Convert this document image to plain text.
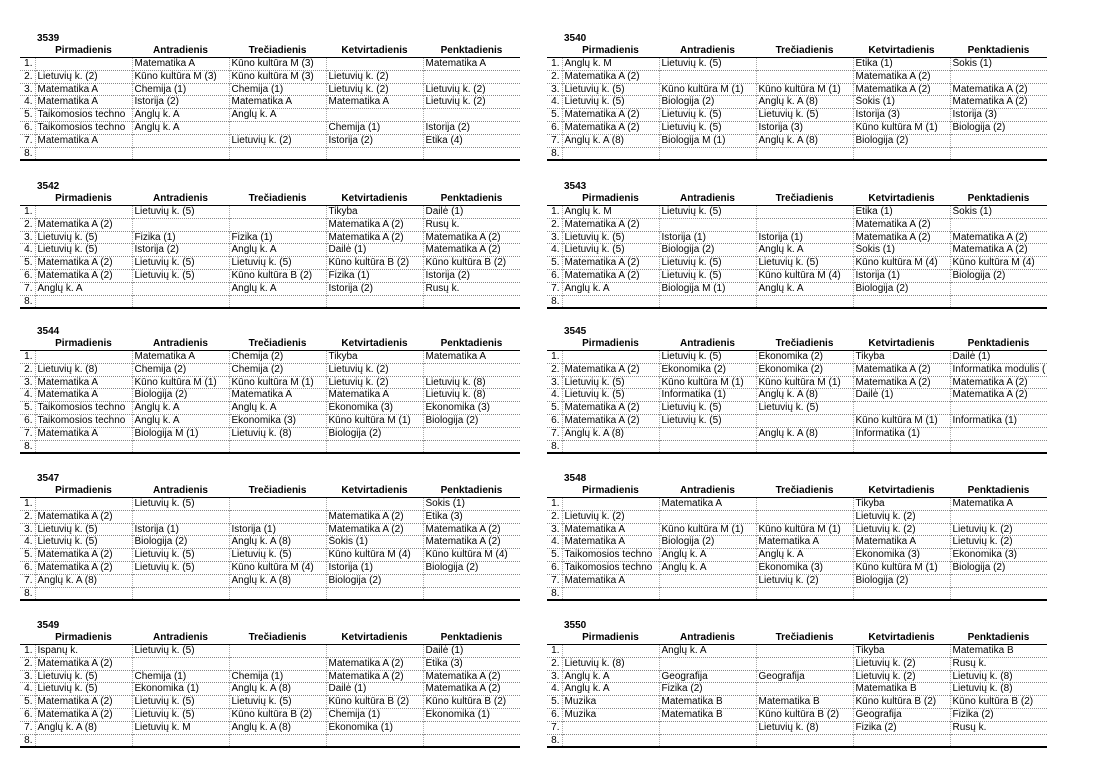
3539
	Pirmadienis	Antradienis	Trečiadienis	Ketvirtadienis	Penktadienis
1.		Matematika A	Kūno kultūra M (3)		Matematika A
2.	Lietuvių k. (2)	Kūno kultūra M (3)	Kūno kultūra M (3)	Lietuvių k. (2)	
3.	Matematika A	Chemija (1)	Chemija (1)	Lietuvių k. (2)	Lietuvių k. (2)
4.	Matematika A	Istorija (2)	Matematika A	Matematika A	Lietuvių k. (2)
5.	Taikomosios techno	Anglų k. A	Anglų k. A		
6.	Taikomosios techno	Anglų k. A		Chemija (1)	Istorija (2)
7.	Matematika A		Lietuvių k. (2)	Istorija (2)	Etika (4)
8.					
3540
	Pirmadienis	Antradienis	Trečiadienis	Ketvirtadienis	Penktadienis
1.	Anglų k. M	Lietuvių k. (5)		Etika (1)	Šokis (1)
2.	Matematika A (2)			Matematika A (2)	
3.	Lietuvių k. (5)	Kūno kultūra M (1)	Kūno kultūra M (1)	Matematika A (2)	Matematika A (2)
4.	Lietuvių k. (5)	Biologija (2)	Anglų k. A (8)	Šokis (1)	Matematika A (2)
5.	Matematika A (2)	Lietuvių k. (5)	Lietuvių k. (5)	Istorija (3)	Istorija (3)
6.	Matematika A (2)	Lietuvių k. (5)	Istorija (3)	Kūno kultūra M (1)	Biologija (2)
7.	Anglų k. A (8)	Biologija M (1)	Anglų k. A (8)	Biologija (2)	
8.					
3542
	Pirmadienis	Antradienis	Trečiadienis	Ketvirtadienis	Penktadienis
1.		Lietuvių k. (5)		Tikyba	Dailė (1)
2.	Matematika A (2)			Matematika A (2)	Rusų k.
3.	Lietuvių k. (5)	Fizika (1)	Fizika (1)	Matematika A (2)	Matematika A (2)
4.	Lietuvių k. (5)	Istorija (2)	Anglų k. A	Dailė (1)	Matematika A (2)
5.	Matematika A (2)	Lietuvių k. (5)	Lietuvių k. (5)	Kūno kultūra B (2)	Kūno kultūra B (2)
6.	Matematika A (2)	Lietuvių k. (5)	Kūno kultūra B (2)	Fizika (1)	Istorija (2)
7.	Anglų k. A		Anglų k. A	Istorija (2)	Rusų k.
8.					
3543
	Pirmadienis	Antradienis	Trečiadienis	Ketvirtadienis	Penktadienis
1.	Anglų k. M	Lietuvių k. (5)		Etika (1)	Šokis (1)
2.	Matematika A (2)			Matematika A (2)	
3.	Lietuvių k. (5)	Istorija (1)	Istorija (1)	Matematika A (2)	Matematika A (2)
4.	Lietuvių k. (5)	Biologija (2)	Anglų k. A	Šokis (1)	Matematika A (2)
5.	Matematika A (2)	Lietuvių k. (5)	Lietuvių k. (5)	Kūno kultūra M (4)	Kūno kultūra M (4)
6.	Matematika A (2)	Lietuvių k. (5)	Kūno kultūra M (4)	Istorija (1)	Biologija (2)
7.	Anglų k. A	Biologija M (1)	Anglų k. A	Biologija (2)	
8.					
3544
	Pirmadienis	Antradienis	Trečiadienis	Ketvirtadienis	Penktadienis
1.		Matematika A	Chemija (2)	Tikyba	Matematika A
2.	Lietuvių k. (8)	Chemija (2)	Chemija (2)	Lietuvių k. (2)	
3.	Matematika A	Kūno kultūra M (1)	Kūno kultūra M (1)	Lietuvių k. (2)	Lietuvių k. (8)
4.	Matematika A	Biologija (2)	Matematika A	Matematika A	Lietuvių k. (8)
5.	Taikomosios techno	Anglų k. A	Anglų k. A	Ekonomika (3)	Ekonomika (3)
6.	Taikomosios techno	Anglų k. A	Ekonomika (3)	Kūno kultūra M (1)	Biologija (2)
7.	Matematika A	Biologija M (1)	Lietuvių k. (8)	Biologija (2)	
8.					
3545
	Pirmadienis	Antradienis	Trečiadienis	Ketvirtadienis	Penktadienis
1.		Lietuvių k. (5)	Ekonomika (2)	Tikyba	Dailė (1)
2.	Matematika A (2)	Ekonomika (2)	Ekonomika (2)	Matematika A (2)	Informatika modulis (
3.	Lietuvių k. (5)	Kūno kultūra M (1)	Kūno kultūra M (1)	Matematika A (2)	Matematika A (2)
4.	Lietuvių k. (5)	Informatika (1)	Anglų k. A (8)	Dailė (1)	Matematika A (2)
5.	Matematika A (2)	Lietuvių k. (5)	Lietuvių k. (5)		
6.	Matematika A (2)	Lietuvių k. (5)		Kūno kultūra M (1)	Informatika (1)
7.	Anglų k. A (8)		Anglų k. A (8)	Informatika (1)	
8.					
3547
	Pirmadienis	Antradienis	Trečiadienis	Ketvirtadienis	Penktadienis
1.		Lietuvių k. (5)			Šokis (1)
2.	Matematika A (2)			Matematika A (2)	Etika (3)
3.	Lietuvių k. (5)	Istorija (1)	Istorija (1)	Matematika A (2)	Matematika A (2)
4.	Lietuvių k. (5)	Biologija (2)	Anglų k. A (8)	Šokis (1)	Matematika A (2)
5.	Matematika A (2)	Lietuvių k. (5)	Lietuvių k. (5)	Kūno kultūra M (4)	Kūno kultūra M (4)
6.	Matematika A (2)	Lietuvių k. (5)	Kūno kultūra M (4)	Istorija (1)	Biologija (2)
7.	Anglų k. A (8)		Anglų k. A (8)	Biologija (2)	
8.					
3548
	Pirmadienis	Antradienis	Trečiadienis	Ketvirtadienis	Penktadienis
1.		Matematika A		Tikyba	Matematika A
2.	Lietuvių k. (2)			Lietuvių k. (2)	
3.	Matematika A	Kūno kultūra M (1)	Kūno kultūra M (1)	Lietuvių k. (2)	Lietuvių k. (2)
4.	Matematika A	Biologija (2)	Matematika A	Matematika A	Lietuvių k. (2)
5.	Taikomosios techno	Anglų k. A	Anglų k. A	Ekonomika (3)	Ekonomika (3)
6.	Taikomosios techno	Anglų k. A	Ekonomika (3)	Kūno kultūra M (1)	Biologija (2)
7.	Matematika A		Lietuvių k. (2)	Biologija (2)	
8.					
3549
	Pirmadienis	Antradienis	Trečiadienis	Ketvirtadienis	Penktadienis
1.	Ispanų k.	Lietuvių k. (5)			Dailė (1)
2.	Matematika A (2)			Matematika A (2)	Etika (3)
3.	Lietuvių k. (5)	Chemija (1)	Chemija (1)	Matematika A (2)	Matematika A (2)
4.	Lietuvių k. (5)	Ekonomika (1)	Anglų k. A (8)	Dailė (1)	Matematika A (2)
5.	Matematika A (2)	Lietuvių k. (5)	Lietuvių k. (5)	Kūno kultūra B (2)	Kūno kultūra B (2)
6.	Matematika A (2)	Lietuvių k. (5)	Kūno kultūra B (2)	Chemija (1)	Ekonomika (1)
7.	Anglų k. A (8)	Lietuvių k. M	Anglų k. A (8)	Ekonomika (1)	
8.					
3550
	Pirmadienis	Antradienis	Trečiadienis	Ketvirtadienis	Penktadienis
1.		Anglų k. A		Tikyba	Matematika B
2.	Lietuvių k. (8)			Lietuvių k. (2)	Rusų k.
3.	Anglų k. A	Geografija	Geografija	Lietuvių k. (2)	Lietuvių k. (8)
4.	Anglų k. A	Fizika (2)		Matematika B	Lietuvių k. (8)
5.	Muzika	Matematika B	Matematika B	Kūno kultūra B (2)	Kūno kultūra B (2)
6.	Muzika	Matematika B	Kūno kultūra B (2)	Geografija	Fizika (2)
7.			Lietuvių k. (8)	Fizika (2)	Rusų k.
8.					
